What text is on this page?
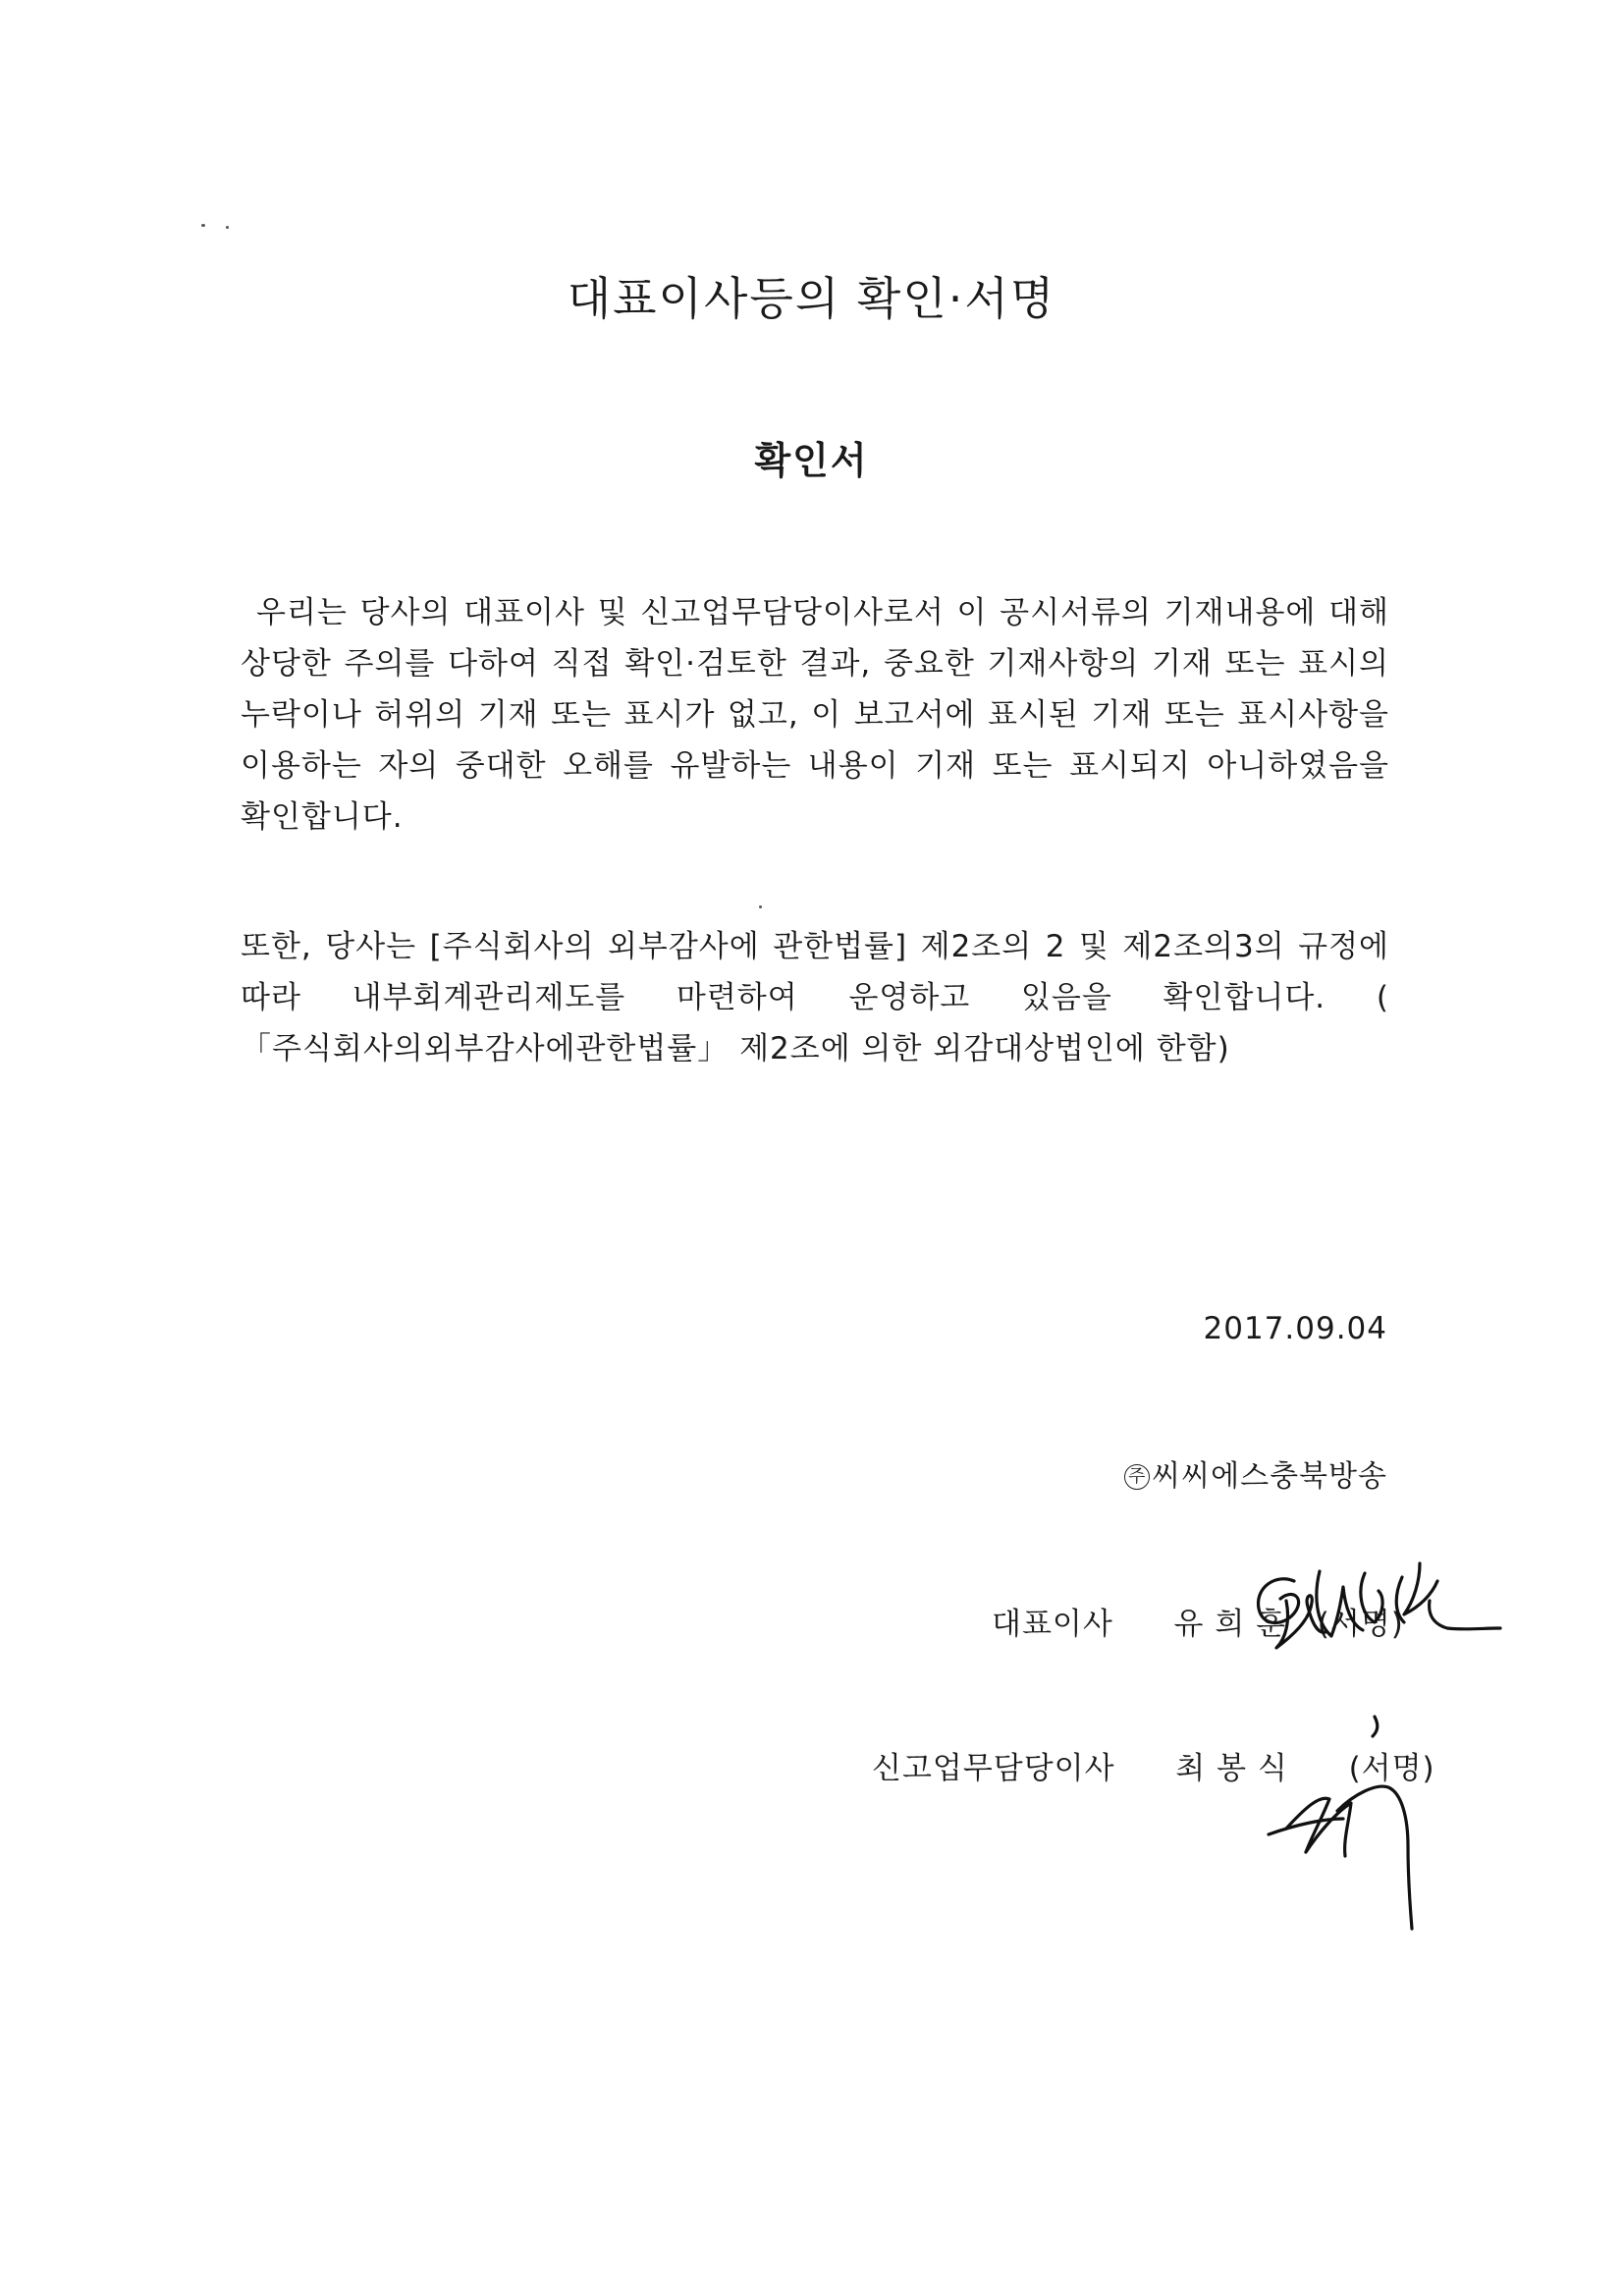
대표이사등의 확인·서명
확인서

우리는 당사의 대표이사 및 신고업무담당이사로서 이 공시서류의 기재내용에 대해 상당한 주의를 다하여 직접 확인·검토한 결과, 중요한 기재사항의 기재 또는 표시의 누락이나 허위의 기재 또는 표시가 없고, 이 보고서에 표시된 기재 또는 표시사항을 이용하는 자의 중대한 오해를 유발하는 내용이 기재 또는 표시되지 아니하였음을 확인합니다.

또한, 당사는 [주식회사의 외부감사에 관한법률] 제2조의 2 및 제2조의3의 규정에 따라 내부회계관리제도를 마련하여 운영하고 있음을 확인합니다. ( 「주식회사의외부감사에관한법률」 제2조에 의한 외감대상법인에 한함)

2017.09.04
주 씨씨에스충북방송
대표이사 유 희 훈 (서명)
신고업무담당이사 최 봉 식 (서명)
